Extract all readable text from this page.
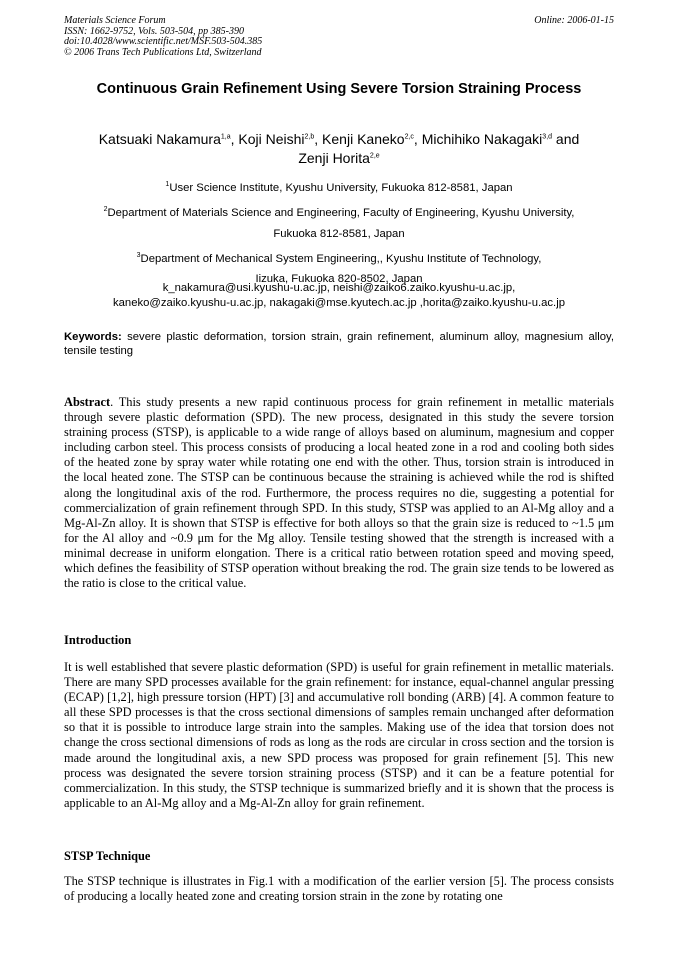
Materials Science Forum
ISSN: 1662-9752, Vols. 503-504, pp 385-390
doi:10.4028/www.scientific.net/MSF.503-504.385
© 2006 Trans Tech Publications Ltd, Switzerland
Online: 2006-01-15
Continuous Grain Refinement Using Severe Torsion Straining Process
Katsuaki Nakamura$^{1,a}$, Koji Neishi$^{2,b}$, Kenji Kaneko$^{2,c}$, Michihiko Nakagaki$^{3,d}$ and
Zenji Horita$^{2,e}$
$^1$User Science Institute, Kyushu University, Fukuoka 812-8581, Japan
$^2$Department of Materials Science and Engineering, Faculty of Engineering, Kyushu University,
Fukuoka 812-8581, Japan
$^3$Department of Mechanical System Engineering,, Kyushu Institute of Technology,
Iizuka, Fukuoka 820-8502, Japan
k_nakamura@usi.kyushu-u.ac.jp, neishi@zaiko6.zaiko.kyushu-u.ac.jp,
kaneko@zaiko.kyushu-u.ac.jp, nakagaki@mse.kyutech.ac.jp ,horita@zaiko.kyushu-u.ac.jp
Keywords: severe plastic deformation, torsion strain, grain refinement, aluminum alloy, magnesium alloy, tensile testing
Abstract. This study presents a new rapid continuous process for grain refinement in metallic materials through severe plastic deformation (SPD). The new process, designated in this study the severe torsion straining process (STSP), is applicable to a wide range of alloys based on aluminum, magnesium and copper including carbon steel. This process consists of producing a local heated zone in a rod and cooling both sides of the heated zone by spray water while rotating one end with the other. Thus, torsion strain is introduced in the local heated zone. The STSP can be continuous because the straining is achieved while the rod is shifted along the longitudinal axis of the rod. Furthermore, the process requires no die, suggesting a potential for commercialization of grain refinement through SPD. In this study, STSP was applied to an Al-Mg alloy and a Mg-Al-Zn alloy. It is shown that STSP is effective for both alloys so that the grain size is reduced to ~1.5 μm for the Al alloy and ~0.9 μm for the Mg alloy. Tensile testing showed that the strength is increased with a minimal decrease in uniform elongation. There is a critical ratio between rotation speed and moving speed, which defines the feasibility of STSP operation without breaking the rod. The grain size tends to be lowered as the ratio is close to the critical value.
Introduction
It is well established that severe plastic deformation (SPD) is useful for grain refinement in metallic materials. There are many SPD processes available for the grain refinement: for instance, equal-channel angular pressing (ECAP) [1,2], high pressure torsion (HPT) [3] and accumulative roll bonding (ARB) [4]. A common feature to all these SPD processes is that the cross sectional dimensions of samples remain unchanged after deformation so that it is possible to introduce large strain into the samples. Making use of the idea that torsion does not change the cross sectional dimensions of rods as long as the rods are circular in cross section and the torsion is made around the longitudinal axis, a new SPD process was proposed for grain refinement [5]. This new process was designated the severe torsion straining process (STSP) and it can be a feature potential for commercialization. In this study, the STSP technique is summarized briefly and it is shown that the process is applicable to an Al-Mg alloy and a Mg-Al-Zn alloy for grain refinement.
STSP Technique
The STSP technique is illustrates in Fig.1 with a modification of the earlier version [5]. The process consists of producing a locally heated zone and creating torsion strain in the zone by rotating one
